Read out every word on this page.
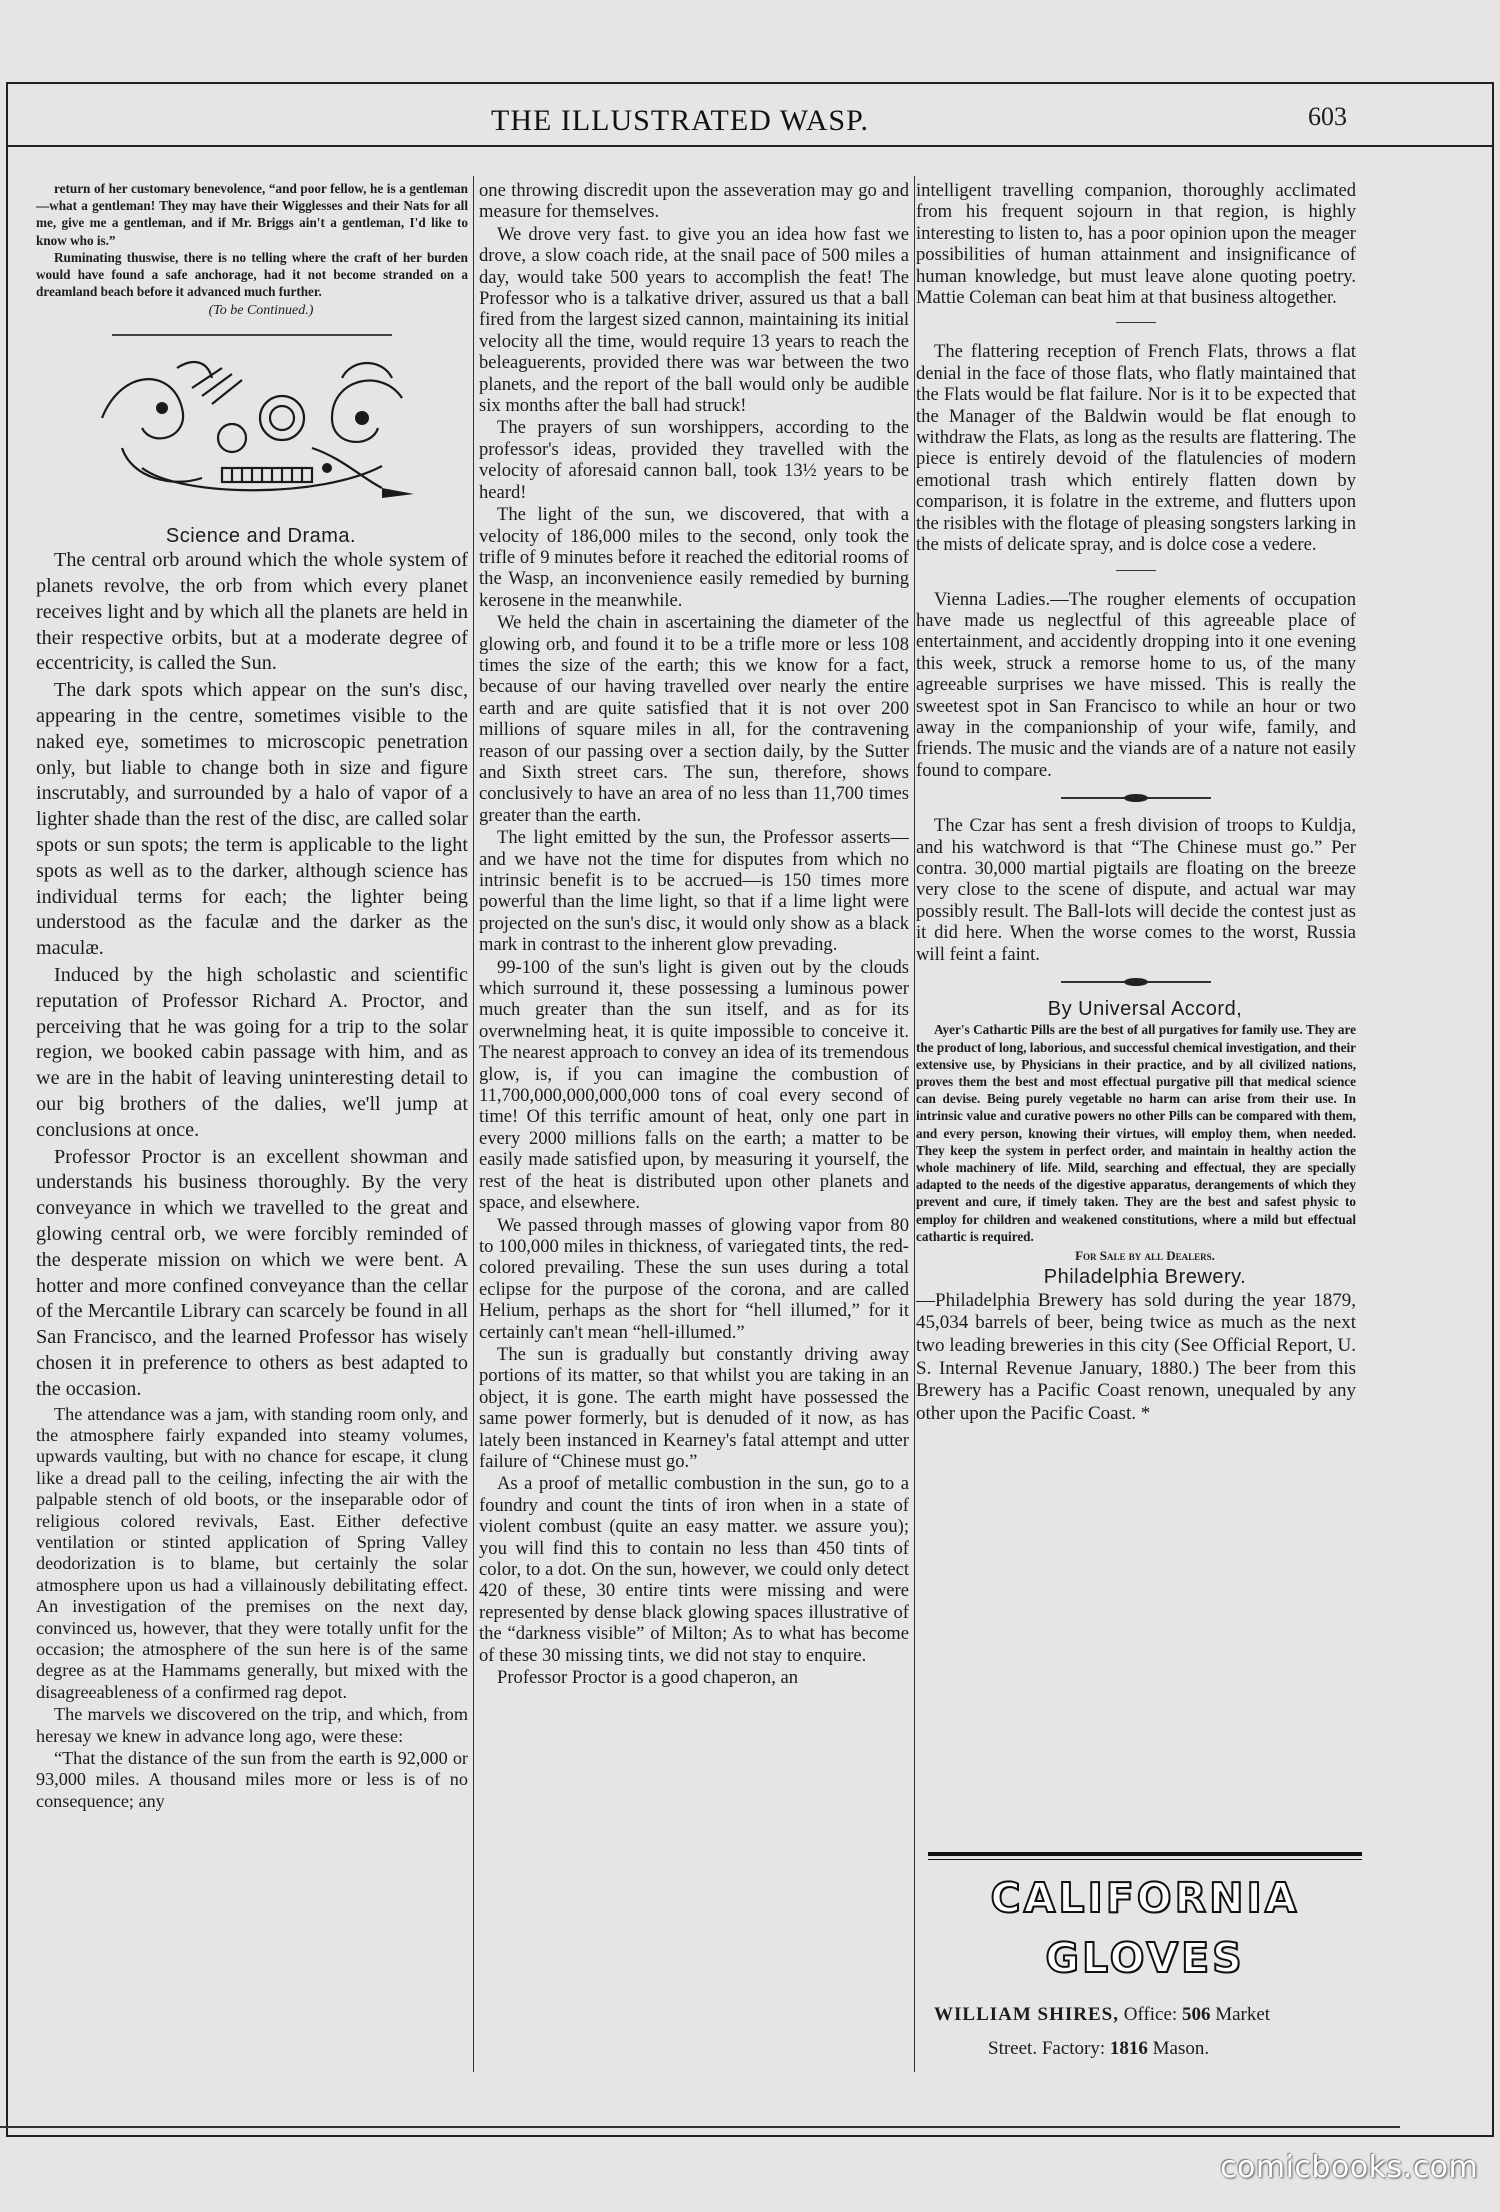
THE ILLUSTRATED WASP.	603

return of her customary benevolence, “and poor fellow, he is a gentleman—what a gentleman! They may have their Wigglesses and their Nats for all me, give me a gentleman, and if Mr. Briggs ain't a gentleman, I'd like to know who is.”

Ruminating thuswise, there is no telling where the craft of her burden would have found a safe anchorage, had it not become stranded on a dreamland beach before it advanced much further.

(To be Continued.)

Science and Drama.

The central orb around which the whole system of planets revolve, the orb from which every planet receives light and by which all the planets are held in their respective orbits, but at a moderate degree of eccentricity, is called the Sun.

The dark spots which appear on the sun's disc, appearing in the centre, sometimes visible to the naked eye, sometimes to microscopic penetration only, but liable to change both in size and figure inscrutably, and surrounded by a halo of vapor of a lighter shade than the rest of the disc, are called solar spots or sun spots; the term is applicable to the light spots as well as to the darker, although science has individual terms for each; the lighter being understood as the faculæ and the darker as the maculæ.

Induced by the high scholastic and scientific reputation of Professor Richard A. Proctor, and perceiving that he was going for a trip to the solar region, we booked cabin passage with him, and as we are in the habit of leaving uninteresting detail to our big brothers of the dalies, we'll jump at conclusions at once.

Professor Proctor is an excellent showman and understands his business thoroughly. By the very conveyance in which we travelled to the great and glowing central orb, we were forcibly reminded of the desperate mission on which we were bent. A hotter and more confined conveyance than the cellar of the Mercantile Library can scarcely be found in all San Francisco, and the learned Professor has wisely chosen it in preference to others as best adapted to the occasion.

The attendance was a jam, with standing room only, and the atmosphere fairly expanded into steamy volumes, upwards vaulting, but with no chance for escape, it clung like a dread pall to the ceiling, infecting the air with the palpable stench of old boots, or the inseparable odor of religious colored revivals, East. Either defective ventilation or stinted application of Spring Valley deodorization is to blame, but certainly the solar atmosphere upon us had a villainously debilitating effect. An investigation of the premises on the next day, convinced us, however, that they were totally unfit for the occasion; the atmosphere of the sun here is of the same degree as at the Hammams generally, but mixed with the disagreeableness of a confirmed rag depot.

The marvels we discovered on the trip, and which, from heresay we knew in advance long ago, were these:

“That the distance of the sun from the earth is 92,000 or 93,000 miles. A thousand miles more or less is of no consequence; any

one throwing discredit upon the asseveration may go and measure for themselves.

We drove very fast. to give you an idea how fast we drove, a slow coach ride, at the snail pace of 500 miles a day, would take 500 years to accomplish the feat! The Professor who is a talkative driver, assured us that a ball fired from the largest sized cannon, maintaining its initial velocity all the time, would require 13 years to reach the beleaguerents, provided there was war between the two planets, and the report of the ball would only be audible six months after the ball had struck!

The prayers of sun worshippers, according to the professor's ideas, provided they travelled with the velocity of aforesaid cannon ball, took 13½ years to be heard!

The light of the sun, we discovered, that with a velocity of 186,000 miles to the second, only took the trifle of 9 minutes before it reached the editorial rooms of the Wasp, an inconvenience easily remedied by burning kerosene in the meanwhile.

We held the chain in ascertaining the diameter of the glowing orb, and found it to be a trifle more or less 108 times the size of the earth; this we know for a fact, because of our having travelled over nearly the entire earth and are quite satisfied that it is not over 200 millions of square miles in all, for the contravening reason of our passing over a section daily, by the Sutter and Sixth street cars. The sun, therefore, shows conclusively to have an area of no less than 11,700 times greater than the earth.

The light emitted by the sun, the Professor asserts—and we have not the time for disputes from which no intrinsic benefit is to be accrued—is 150 times more powerful than the lime light, so that if a lime light were projected on the sun's disc, it would only show as a black mark in contrast to the inherent glow prevading.

99-100 of the sun's light is given out by the clouds which surround it, these possessing a luminous power much greater than the sun itself, and as for its overwnelming heat, it is quite impossible to conceive it. The nearest approach to convey an idea of its tremendous glow, is, if you can imagine the combustion of 11,700,000,000,000,000 tons of coal every second of time! Of this terrific amount of heat, only one part in every 2000 millions falls on the earth; a matter to be easily made satisfied upon, by measuring it yourself, the rest of the heat is distributed upon other planets and space, and elsewhere.

We passed through masses of glowing vapor from 80 to 100,000 miles in thickness, of variegated tints, the red-colored prevailing. These the sun uses during a total eclipse for the purpose of the corona, and are called Helium, perhaps as the short for “hell illumed,” for it certainly can't mean “hell-illumed.”

The sun is gradually but constantly driving away portions of its matter, so that whilst you are taking in an object, it is gone. The earth might have possessed the same power formerly, but is denuded of it now, as has lately been instanced in Kearney's fatal attempt and utter failure of “Chinese must go.”

As a proof of metallic combustion in the sun, go to a foundry and count the tints of iron when in a state of violent combust (quite an easy matter. we assure you); you will find this to contain no less than 450 tints of color, to a dot. On the sun, however, we could only detect 420 of these, 30 entire tints were missing and were represented by dense black glowing spaces illustrative of the “darkness visible” of Milton; As to what has become of these 30 missing tints, we did not stay to enquire.

Professor Proctor is a good chaperon, an

intelligent travelling companion, thoroughly acclimated from his frequent sojourn in that region, is highly interesting to listen to, has a poor opinion upon the meager possibilities of human attainment and insignificance of human knowledge, but must leave alone quoting poetry. Mattie Coleman can beat him at that business altogether.

The flattering reception of French Flats, throws a flat denial in the face of those flats, who flatly maintained that the Flats would be flat failure. Nor is it to be expected that the Manager of the Baldwin would be flat enough to withdraw the Flats, as long as the results are flattering. The piece is entirely devoid of the flatulencies of modern emotional trash which entirely flatten down by comparison, it is folatre in the extreme, and flutters upon the risibles with the flotage of pleasing songsters larking in the mists of delicate spray, and is dolce cose a vedere.

Vienna Ladies.—The rougher elements of occupation have made us neglectful of this agreeable place of entertainment, and accidently dropping into it one evening this week, struck a remorse home to us, of the many agreeable surprises we have missed. This is really the sweetest spot in San Francisco to while an hour or two away in the companionship of your wife, family, and friends. The music and the viands are of a nature not easily found to compare.

The Czar has sent a fresh division of troops to Kuldja, and his watchword is that “The Chinese must go.” Per contra. 30,000 martial pigtails are floating on the breeze very close to the scene of dispute, and actual war may possibly result. The Ball-lots will decide the contest just as it did here. When the worse comes to the worst, Russia will feint a faint.

By Universal Accord,

Ayer's Cathartic Pills are the best of all purgatives for family use. They are the product of long, laborious, and successful chemical investigation, and their extensive use, by Physicians in their practice, and by all civilized nations, proves them the best and most effectual purgative pill that medical science can devise. Being purely vegetable no harm can arise from their use. In intrinsic value and curative powers no other Pills can be compared with them, and every person, knowing their virtues, will employ them, when needed. They keep the system in perfect order, and maintain in healthy action the whole machinery of life. Mild, searching and effectual, they are specially adapted to the needs of the digestive apparatus, derangements of which they prevent and cure, if timely taken. They are the best and safest physic to employ for children and weakened constitutions, where a mild but effectual cathartic is required.

For Sale by all Dealers.

Philadelphia Brewery.

—Philadelphia Brewery has sold during the year 1879, 45,034 barrels of beer, being twice as much as the next two leading breweries in this city (See Official Report, U. S. Internal Revenue January, 1880.) The beer from this Brewery has a Pacific Coast renown, unequaled by any other upon the Pacific Coast. *

CALIFORNIA
GLOVES
WILLIAM SHIRES, Office: 506 Market
Street. Factory: 1816 Mason.
comicbooks.com
